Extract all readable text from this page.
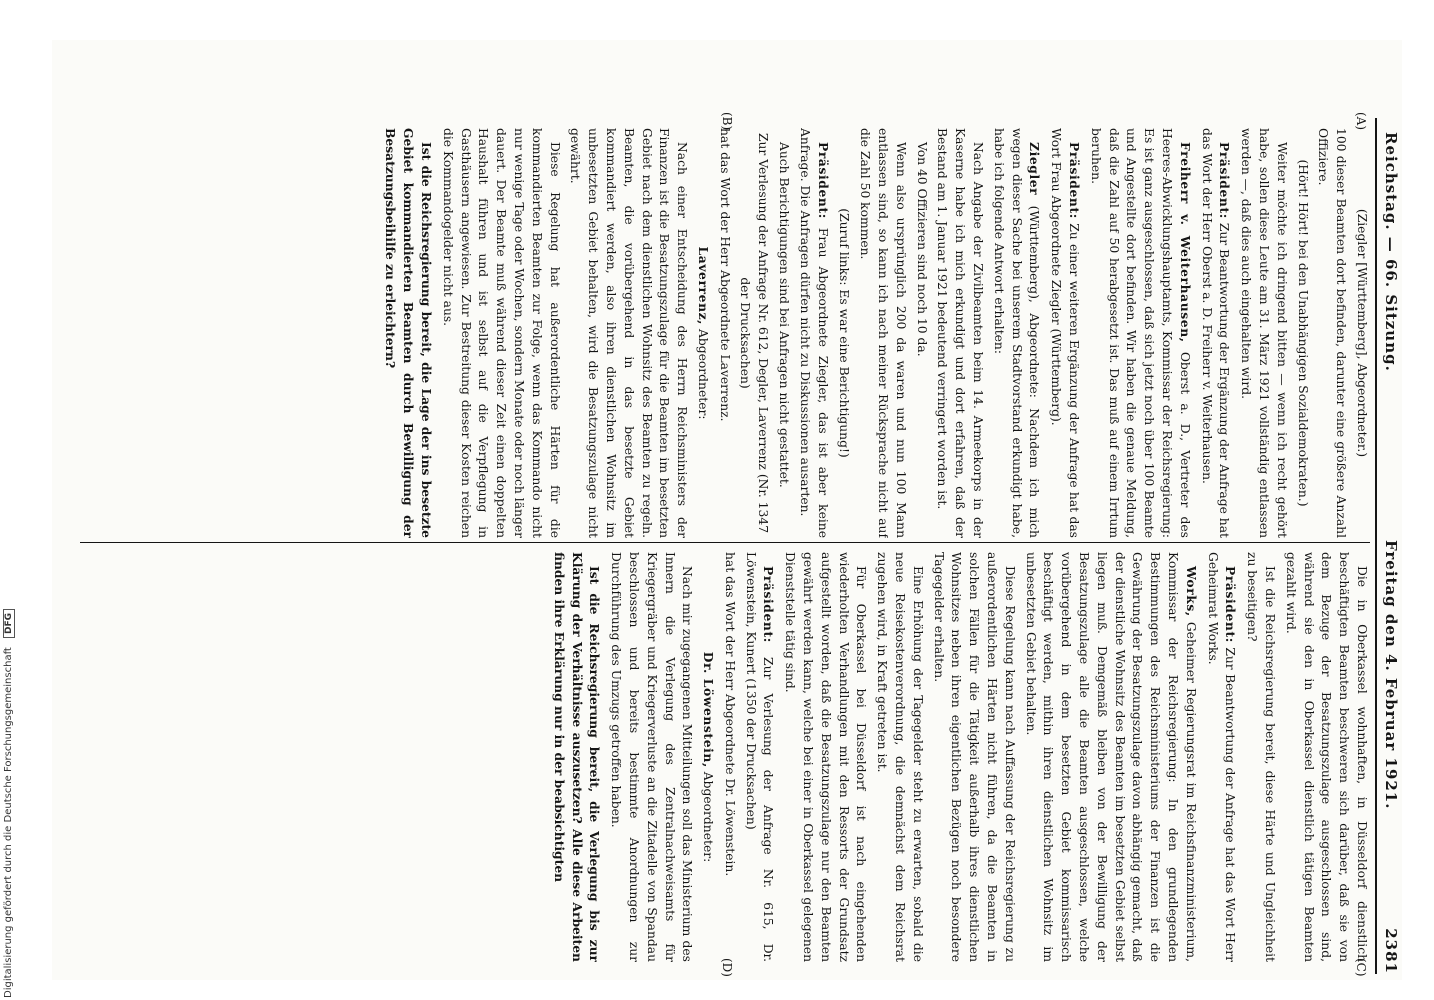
Reichstag. — 66. Sitzung.
Freitag den 4. Februar 1921.
2381
(A)
(B)
(C)
(D)

(Ziegler [Württemberg], Abgeordneter.)

100 dieser Beamten dort befinden, darunter eine größere Anzahl Offiziere.

(Hört! Hört! bei den Unabhängigen Sozialdemokraten.)

Weiter möchte ich dringend bitten — wenn ich recht gehört habe, sollen diese Leute am 31. März 1921 vollständig entlassen werden —, daß dies auch eingehalten wird.

Präsident: Zur Beantwortung der Ergänzung der Anfrage hat das Wort der Herr Oberst a. D. Freiherr v. Weiterhausen.

Freiherr v. Weiterhausen, Oberst a. D., Vertreter des Heeres-Abwicklungshauptamts, Kommissar der Reichsregierung: Es ist ganz ausgeschlossen, daß sich jetzt noch über 100 Beamte und Angestellte dort befinden. Wir haben die genaue Meldung, daß die Zahl auf 50 herabgesetzt ist. Das muß auf einem Irrtum beruhen.

Präsident: Zu einer weiteren Ergänzung der Anfrage hat das Wort Frau Abgeordnete Ziegler (Württemberg).

Ziegler (Württemberg), Abgeordnete: Nachdem ich mich wegen dieser Sache bei unserem Stadtvorstand erkundigt habe, habe ich folgende Antwort erhalten:

Nach Angabe der Zivilbeamten beim 14. Armeekorps in der Kaserne habe ich mich erkundigt und dort erfahren, daß der Bestand am 1. Januar 1921 bedeutend verringert worden ist.

Von 40 Offizieren sind noch 10 da.

Wenn also ursprünglich 200 da waren und nun 100 Mann entlassen sind, so kann ich nach meiner Rücksprache nicht auf die Zahl 50 kommen.

(Zuruf links: Es war eine Berichtigung!)

Präsident: Frau Abgeordnete Ziegler, das ist aber keine Anfrage. Die Anfragen dürfen nicht zu Diskussionen ausarten.

Auch Berichtigungen sind bei Anfragen nicht gestattet.

Zur Verlesung der Anfrage Nr. 612, Degler, Laverrenz (Nr. 1347 der Drucksachen)

hat das Wort der Herr Abgeordnete Laverrenz.

Laverrenz, Abgeordneter:

Nach einer Entscheidung des Herrn Reichsministers der Finanzen ist die Besatzungszulage für die Beamten im besetzten Gebiet nach dem dienstlichen Wohnsitz des Beamten zu regeln. Beamten, die vorübergehend in das besetzte Gebiet kommandiert werden, also ihren dienstlichen Wohnsitz im unbesetzten Gebiet behalten, wird die Besatzungszulage nicht gewährt.

Diese Regelung hat außerordentliche Härten für die kommandierten Beamten zur Folge, wenn das Kommando nicht nur wenige Tage oder Wochen, sondern Monate oder noch länger dauert. Der Beamte muß während dieser Zeit einen doppelten Haushalt führen und ist selbst auf die Verpflegung in Gasthäusern angewiesen. Zur Bestreitung dieser Kosten reichen die Kommandogelder nicht aus.

Ist die Reichsregierung bereit, die Lage der ins besetzte Gebiet kommandierten Beamten durch Bewilligung der Besatzungsbeihilfe zu erleichtern?

Die in Oberkassel wohnhaften, in Düsseldorf dienstlich beschäftigten Beamten beschweren sich darüber, daß sie von dem Bezuge der Besatzungszulage ausgeschlossen sind, während sie den in Oberkassel dienstlich tätigen Beamten gezahlt wird.

Ist die Reichsregierung bereit, diese Härte und Ungleichheit zu beseitigen?

Präsident: Zur Beantwortung der Anfrage hat das Wort Herr Geheimrat Works.

Works, Geheimer Regierungsrat im Reichsfinanzministerium, Kommissar der Reichsregierung: In den grundlegenden Bestimmungen des Reichsministeriums der Finanzen ist die Gewährung der Besatzungszulage davon abhängig gemacht, daß der dienstliche Wohnsitz des Beamten im besetzten Gebiet selbst liegen muß. Demgemäß bleiben von der Bewilligung der Besatzungszulage alle die Beamten ausgeschlossen, welche vorübergehend in dem besetzten Gebiet kommissarisch beschäftigt werden, mithin ihren dienstlichen Wohnsitz im unbesetzten Gebiet behalten.

Diese Regelung kann nach Auffassung der Reichsregierung zu außerordentlichen Härten nicht führen, da die Beamten in solchen Fällen für die Tätigkeit außerhalb ihres dienstlichen Wohnsitzes neben ihren eigentlichen Bezügen noch besondere Tagegelder erhalten.

Eine Erhöhung der Tagegelder steht zu erwarten, sobald die neue Reisekostenverordnung, die demnächst dem Reichsrat zugehen wird, in Kraft getreten ist.

Für Oberkassel bei Düsseldorf ist nach eingehenden wiederholten Verhandlungen mit den Ressorts der Grundsatz aufgestellt worden, daß die Besatzungszulage nur den Beamten gewährt werden kann, welche bei einer in Oberkassel gelegenen Dienststelle tätig sind.

Präsident: Zur Verlesung der Anfrage Nr. 615, Dr. Löwenstein, Kunert (1350 der Drucksachen)

hat das Wort der Herr Abgeordnete Dr. Löwenstein.

Dr. Löwenstein, Abgeordneter:

Nach mir zugegangenen Mitteilungen soll das Ministerium des Innern die Verlegung des Zentralnachweisamts für Kriegergräber und Kriegerverluste an die Zitadelle von Spandau beschlossen und bereits bestimmte Anordnungen zur Durchführung des Umzugs getroffen haben.

Ist die Reichsregierung bereit, die Verlegung bis zur Klärung der Verhältnisse auszusetzen? Alle diese Arbeiten finden ihre Erklärung nur in der beabsichtigten

Digitalisierung gefördert durch die Deutsche Forschungsgemeinschaft DFG
